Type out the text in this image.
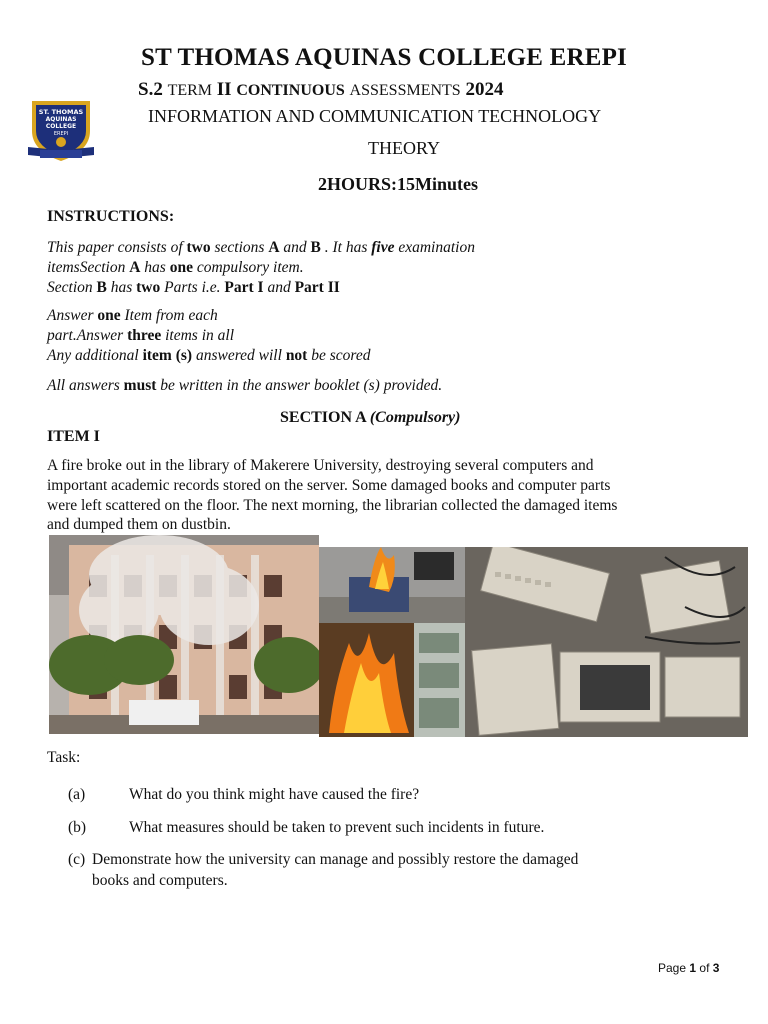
ST THOMAS AQUINAS COLLEGE EREPI
S.2 TERM II CONTINUOUS ASSESSMENTS 2024
INFORMATION AND COMMUNICATION TECHNOLOGY
THEORY
2HOURS:15Minutes
ST. THOMAS
AQUINAS
COLLEGE
EREPI
INSTRUCTIONS:
This paper consists of two sections A and B . It has five examination
itemsSection A has one compulsory item.
Section B has two Parts i.e. Part I and Part II
Answer one Item from each
part.Answer three items in all
Any additional item (s) answered will not be scored
All answers must be written in the answer booklet (s) provided.
SECTION A (Compulsory)
ITEM I
A fire broke out in the library of Makerere University, destroying several computers and
important academic records stored on the server. Some damaged books and computer parts
were left scattered on the floor. The next morning, the librarian collected the damaged items
and dumped them on dustbin.
Task:
(a)	What do you think might have caused the fire?
(b)	What measures should be taken to prevent such incidents in future.
(c) Demonstrate how the university can manage and possibly restore the damaged
books and computers.
Page 1 of 3
